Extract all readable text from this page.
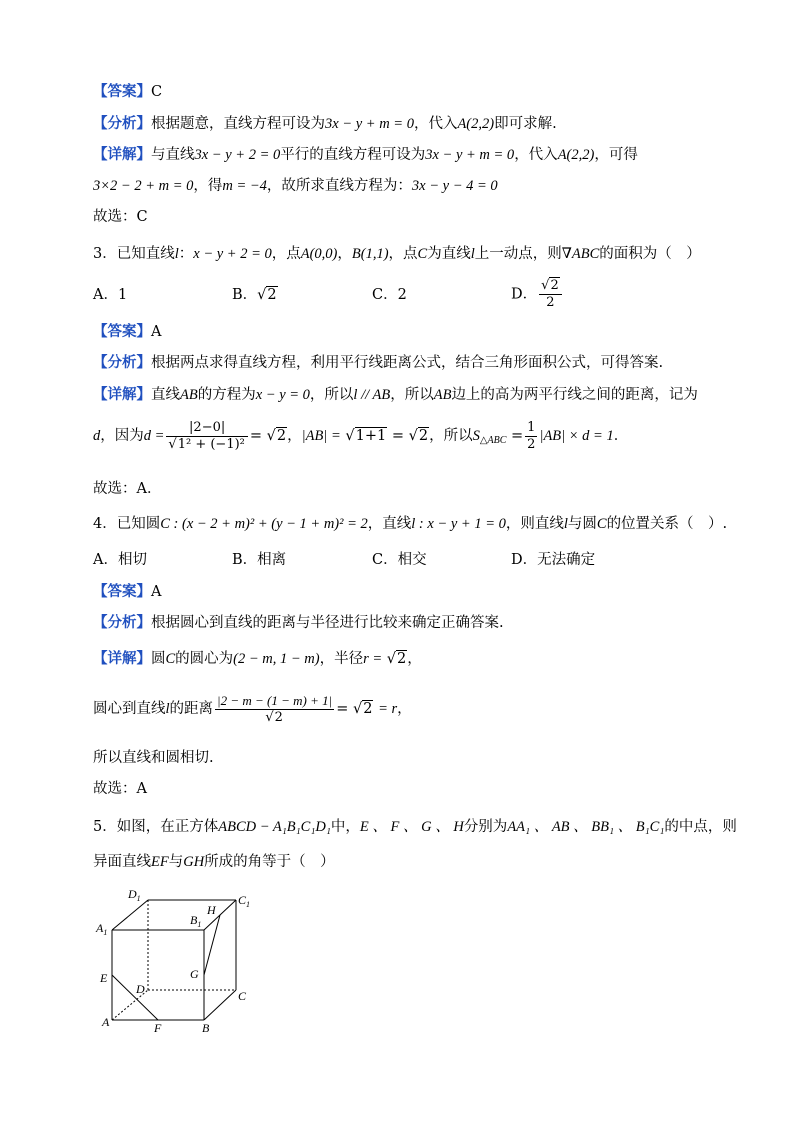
【答案】C
【分析】根据题意，直线方程可设为3x − y + m = 0，代入A(2,2)即可求解.
【详解】与直线3x − y + 2 = 0平行的直线方程可设为3x − y + m = 0，代入A(2,2)，可得
3×2 − 2 + m = 0，得m = −4，故所求直线方程为：3x − y − 4 = 0
故选：C
3．已知直线l：x − y + 2 = 0，点A(0,0)，B(1,1)，点C为直线l上一动点，则∇ABC的面积为（　）
A．1	B．√2	C．2	D． $\frac{√2}{2}$
【答案】A
【分析】根据两点求得直线方程，利用平行线距离公式，结合三角形面积公式，可得答案.
【详解】直线AB的方程为x − y = 0，所以l // AB，所以AB边上的高为两平行线之间的距离，记为
d，因为$d = \frac{|2-0|}{\text{√1² + (−1)²}} = √2$，|AB| = √1+1 = √2，所以$S_{\triangle ABC} = \frac{1}{2} |AB| \times d = 1$．
故选：A．
4．已知圆C : (x − 2 + m)² + (y − 1 + m)² = 2，直线l : x − y + 1 = 0，则直线l与圆C的位置关系（　）.
A．相切	B．相离	C．相交	D．无法确定
【答案】A
【分析】根据圆心到直线的距离与半径进行比较来确定正确答案.
【详解】圆C的圆心为(2 − m, 1 − m)，半径r = √2，
圆心到直线l的距离 $\frac{|2 - m - (1 - m) + 1|}{√2} = √2 = r$，
所以直线和圆相切.
故选：A
5．如图，在正方体ABCD − A₁B₁C₁D₁中，E 、 F 、 G 、 H分别为AA₁ 、 AB 、 BB₁ 、 B₁C₁的中点，则
异面直线EF与GH所成的角等于（　）
$A_1$
$D_1$
$B_1$
$C_1$
H
G
E
D	C
A	F	B
